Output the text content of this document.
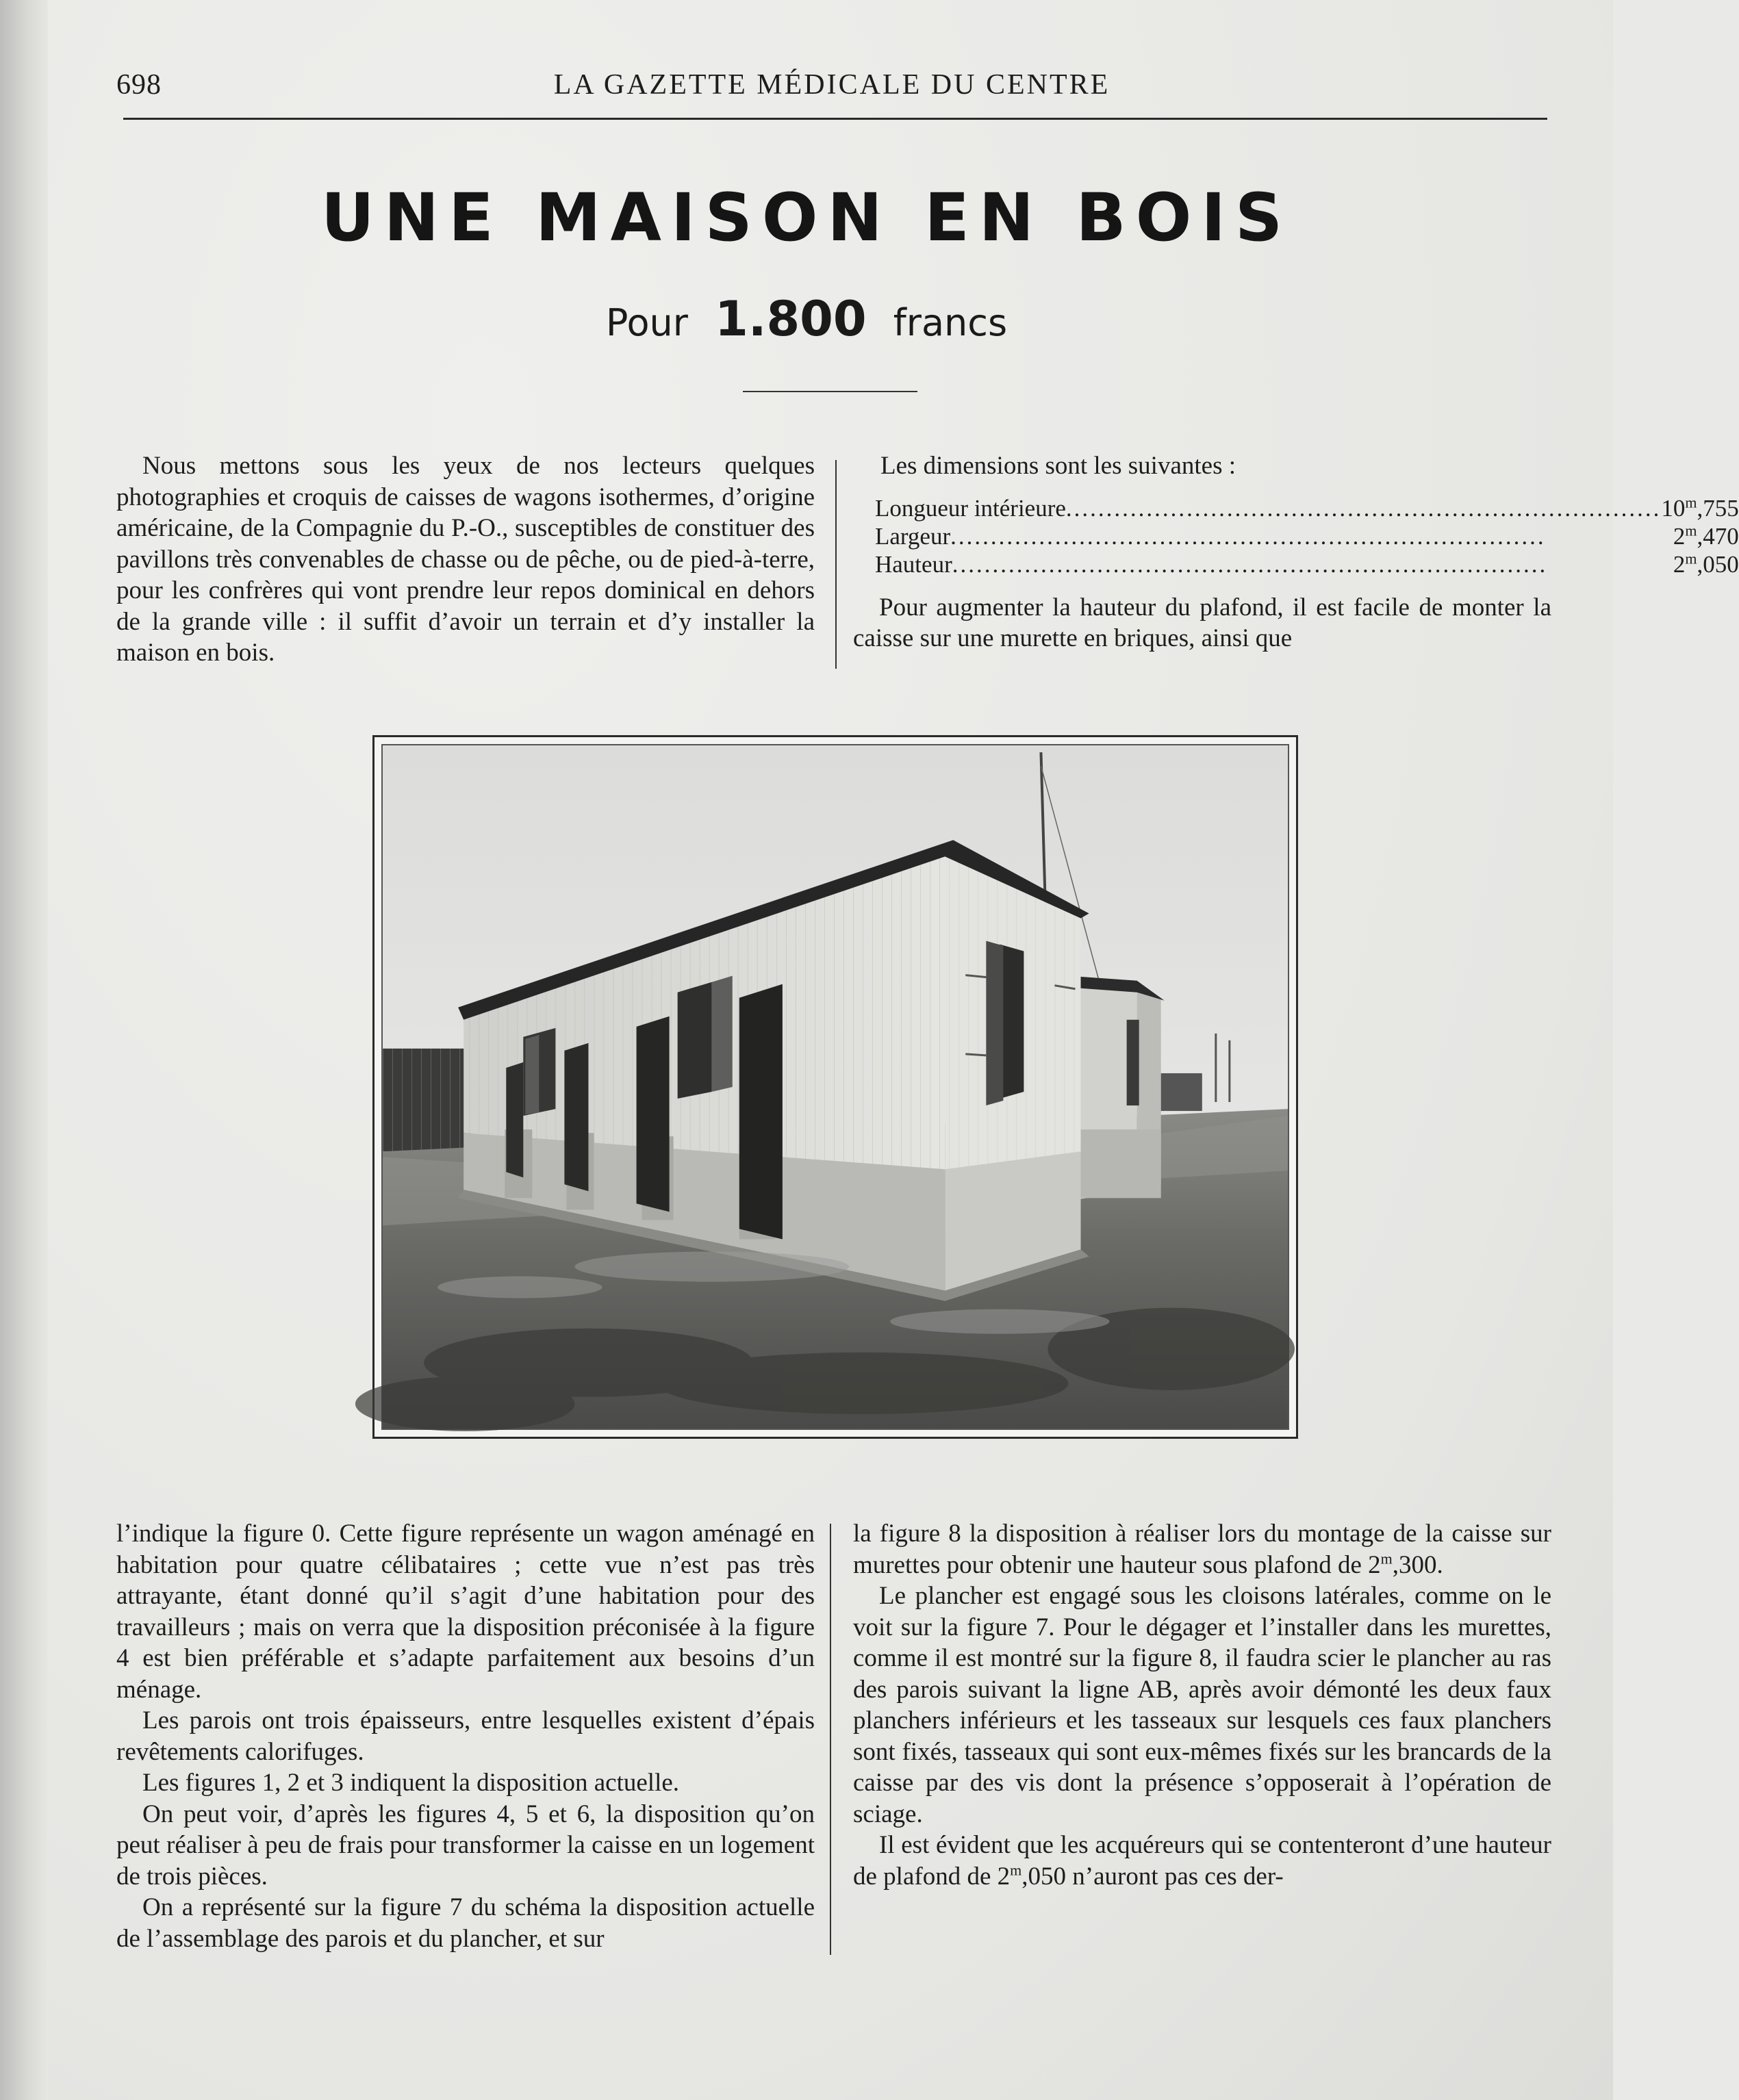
698	LA GAZETTE MÉDICALE DU CENTRE
UNE MAISON EN BOIS
Pour 1.800 francs

Nous mettons sous les yeux de nos lecteurs quelques photographies et croquis de caisses de wagons isothermes, d’origine américaine, de la Compagnie du P.-O., susceptibles de constituer des pavillons très convenables de chasse ou de pêche, ou de pied-à-terre, pour les confrères qui vont prendre leur repos dominical en dehors de la grande ville : il suffit d’avoir un terrain et d’y installer la maison en bois.

Les dimensions sont les suivantes :

Longueur intérieure..........................................................................	10$^m$,755
Largeur..........................................................................	2$^m$,470
Hauteur..........................................................................	2$^m$,050

Pour augmenter la hauteur du plafond, il est facile de monter la caisse sur une murette en briques, ainsi que

l’indique la figure 0. Cette figure représente un wagon aménagé en habitation pour quatre célibataires ; cette vue n’est pas très attrayante, étant donné qu’il s’agit d’une habitation pour des travailleurs ; mais on verra que la disposition préconisée à la figure 4 est bien préférable et s’adapte parfaitement aux besoins d’un ménage.

Les parois ont trois épaisseurs, entre lesquelles existent d’épais revêtements calorifuges.

Les figures 1, 2 et 3 indiquent la disposition actuelle.

On peut voir, d’après les figures 4, 5 et 6, la disposition qu’on peut réaliser à peu de frais pour transformer la caisse en un logement de trois pièces.

On a représenté sur la figure 7 du schéma la disposition actuelle de l’assemblage des parois et du plancher, et sur

la figure 8 la disposition à réaliser lors du montage de la caisse sur murettes pour obtenir une hauteur sous plafond de 2$^m$,300.

Le plancher est engagé sous les cloisons latérales, comme on le voit sur la figure 7. Pour le dégager et l’installer dans les murettes, comme il est montré sur la figure 8, il faudra scier le plancher au ras des parois suivant la ligne AB, après avoir démonté les deux faux planchers inférieurs et les tasseaux sur lesquels ces faux planchers sont fixés, tasseaux qui sont eux-mêmes fixés sur les brancards de la caisse par des vis dont la présence s’opposerait à l’opération de sciage.

Il est évident que les acquéreurs qui se contenteront d’une hauteur de plafond de 2$^m$,050 n’auront pas ces der-
